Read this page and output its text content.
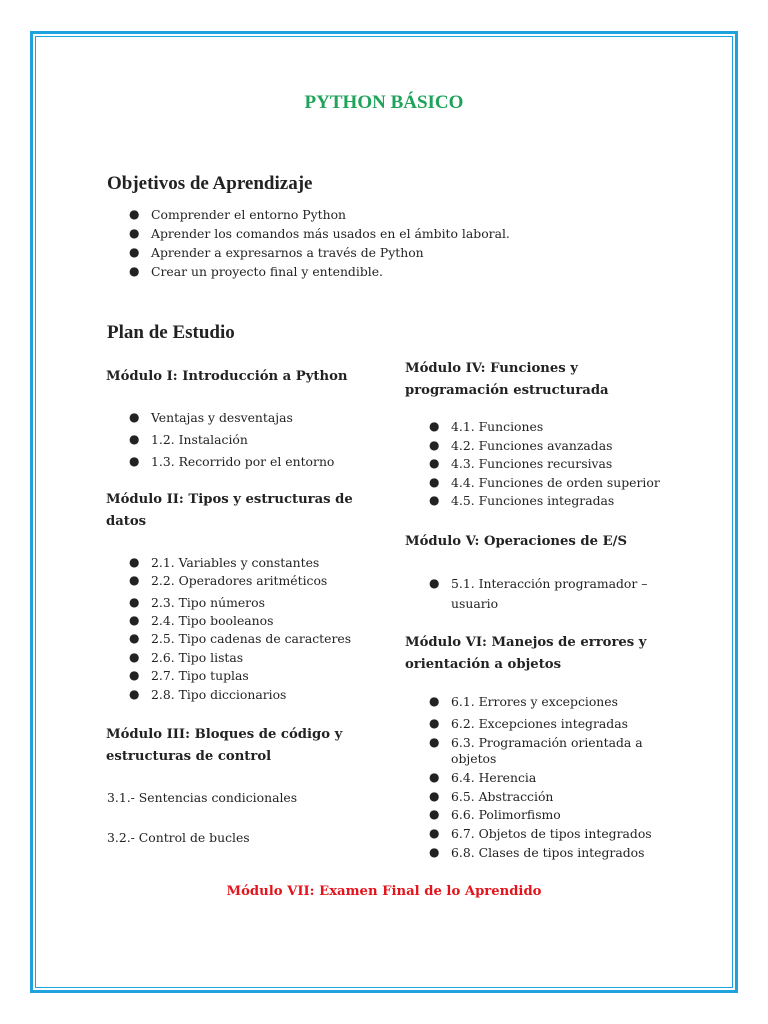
PYTHON BÁSICO
Objetivos de Aprendizaje
● Comprender el entorno Python
● Aprender los comandos más usados en el ámbito laboral.
● Aprender a expresarnos a través de Python
● Crear un proyecto final y entendible.
Plan de Estudio
Módulo I: Introducción a Python
● Ventajas y desventajas
● 1.2. Instalación
● 1.3. Recorrido por el entorno
Módulo II: Tipos y estructuras de datos
● 2.1. Variables y constantes
● 2.2. Operadores aritméticos
● 2.3. Tipo números
● 2.4. Tipo booleanos
● 2.5. Tipo cadenas de caracteres
● 2.6. Tipo listas
● 2.7. Tipo tuplas
● 2.8. Tipo diccionarios
Módulo III: Bloques de código y estructuras de control
3.1.- Sentencias condicionales
3.2.- Control de bucles
Módulo IV: Funciones y programación estructurada
● 4.1. Funciones
● 4.2. Funciones avanzadas
● 4.3. Funciones recursivas
● 4.4. Funciones de orden superior
● 4.5. Funciones integradas
Módulo V: Operaciones de E/S
● 5.1. Interacción programador –
usuario
Módulo VI: Manejos de errores y orientación a objetos
● 6.1. Errores y excepciones
● 6.2. Excepciones integradas
● 6.3. Programación orientada a
objetos
● 6.4. Herencia
● 6.5. Abstracción
● 6.6. Polimorfismo
● 6.7. Objetos de tipos integrados
● 6.8. Clases de tipos integrados
Módulo VII: Examen Final de lo Aprendido
